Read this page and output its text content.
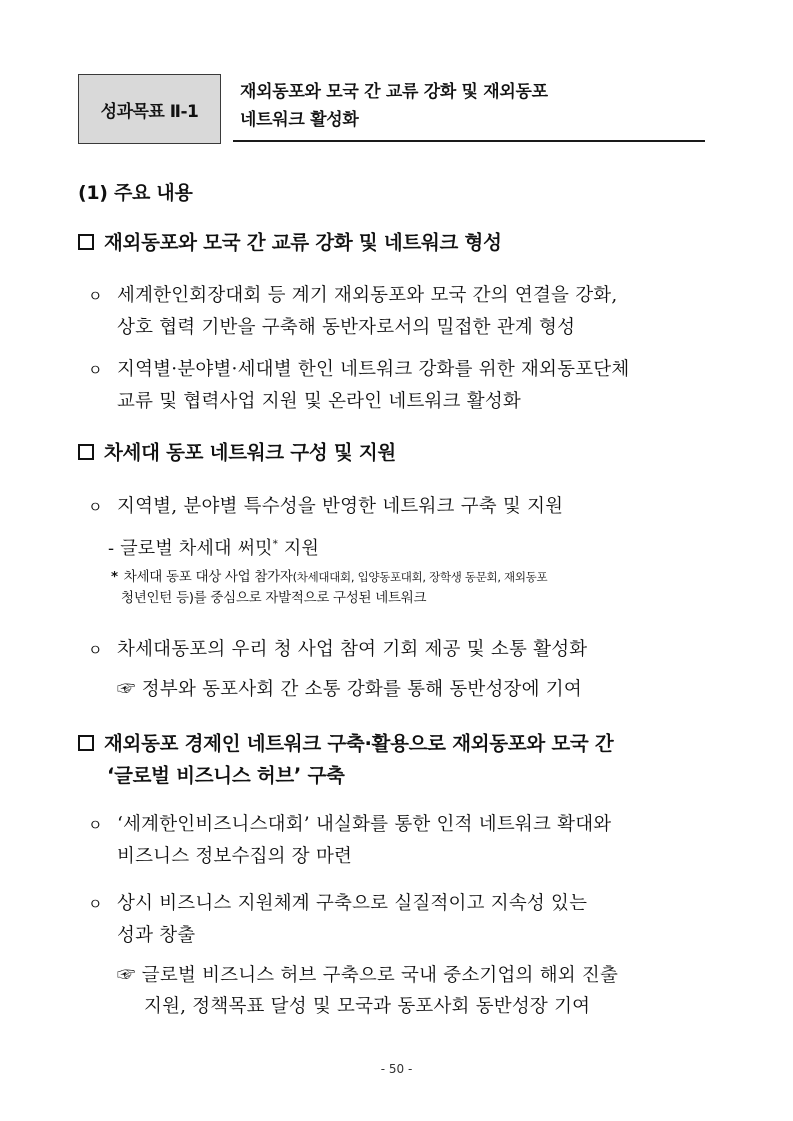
성과목표 Ⅱ-1
재외동포와 모국 간 교류 강화 및 재외동포
네트워크 활성화
(1) 주요 내용
재외동포와 모국 간 교류 강화 및 네트워크 형성
ㅇ 세계한인회장대회 등 계기 재외동포와 모국 간의 연결을 강화,
상호 협력 기반을 구축해 동반자로서의 밀접한 관계 형성
ㅇ 지역별·분야별·세대별 한인 네트워크 강화를 위한 재외동포단체
교류 및 협력사업 지원 및 온라인 네트워크 활성화
차세대 동포 네트워크 구성 및 지원
ㅇ 지역별, 분야별 특수성을 반영한 네트워크 구축 및 지원
- 글로벌 차세대 써밋* 지원
* 차세대 동포 대상 사업 참가자(차세대대회, 입양동포대회, 장학생 동문회, 재외동포
청년인턴 등)를 중심으로 자발적으로 구성된 네트워크
ㅇ 차세대동포의 우리 청 사업 참여 기회 제공 및 소통 활성화
☞ 정부와 동포사회 간 소통 강화를 통해 동반성장에 기여
재외동포 경제인 네트워크 구축·활용으로 재외동포와 모국 간
‘글로벌 비즈니스 허브’ 구축
ㅇ ‘세계한인비즈니스대회’ 내실화를 통한 인적 네트워크 확대와
비즈니스 정보수집의 장 마련
ㅇ 상시 비즈니스 지원체계 구축으로 실질적이고 지속성 있는
성과 창출
☞ 글로벌 비즈니스 허브 구축으로 국내 중소기업의 해외 진출
지원, 정책목표 달성 및 모국과 동포사회 동반성장 기여
- 50 -
